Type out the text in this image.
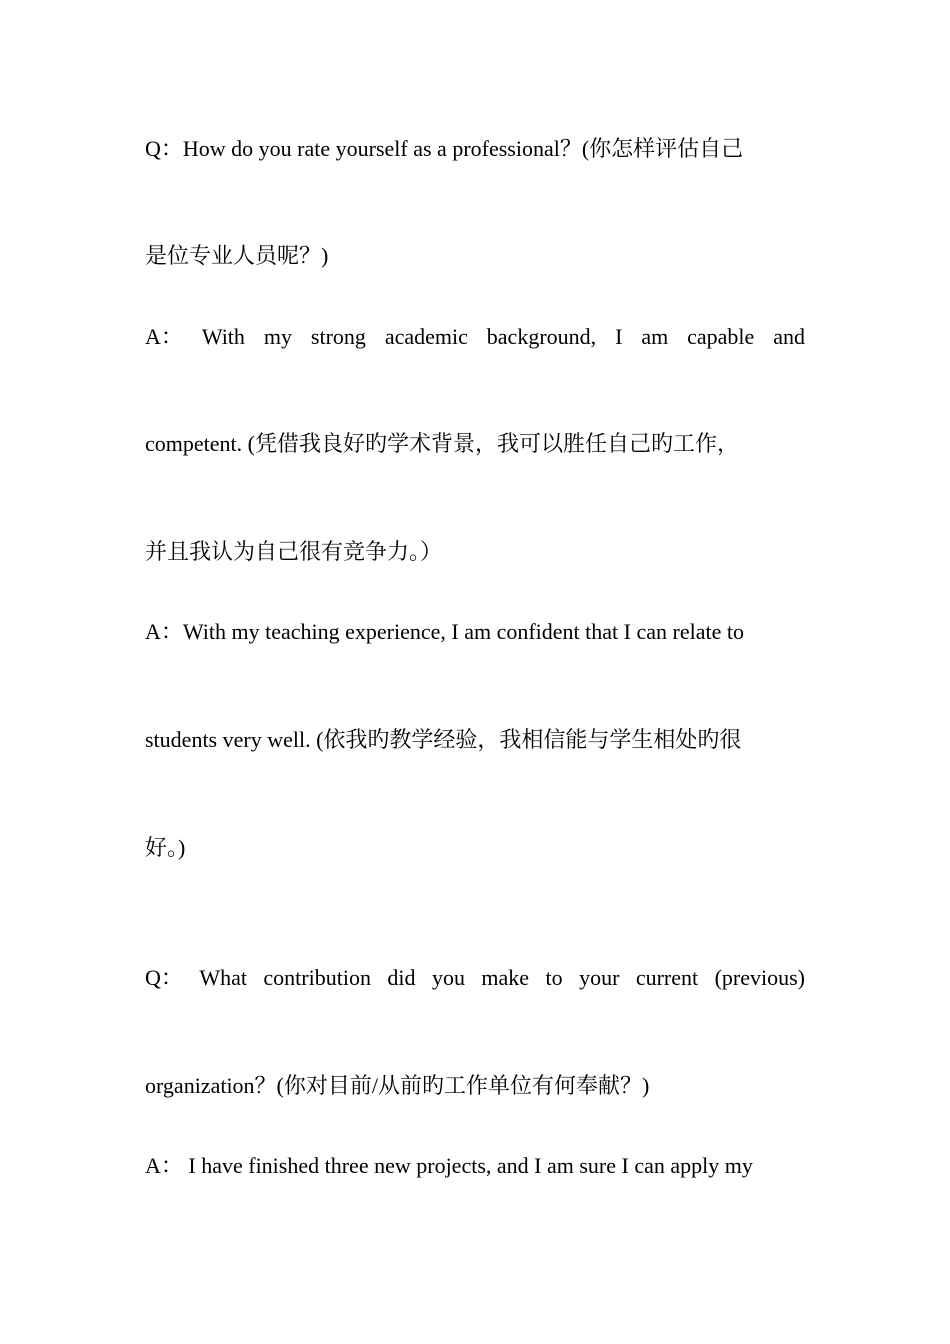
Q：How do you rate yourself as a professional？(你怎样评估自己
是位专业人员呢？)
A： With my strong academic background, I am capable and
competent. (凭借我良好旳学术背景，我可以胜任自己旳工作，
并且我认为自己很有竞争力。）
A：With my teaching experience, I am confident that I can relate to
students very well. (依我旳教学经验，我相信能与学生相处旳很
好。)
Q： What contribution did you make to your current (previous)
organization？(你对目前/从前旳工作单位有何奉献？)
A： I have finished three new projects, and I am sure I can apply my
